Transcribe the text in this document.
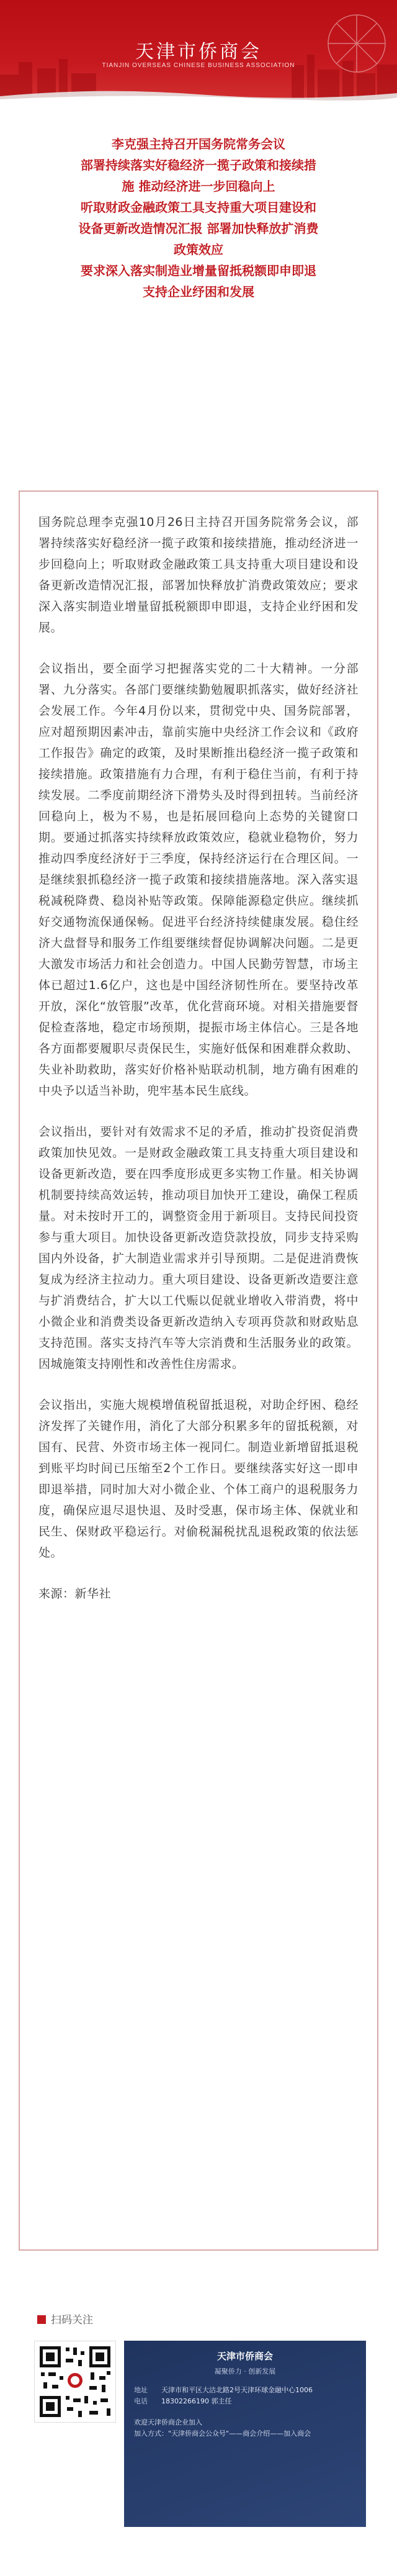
天津市侨商会
TIANJIN OVERSEAS CHINESE BUSINESS ASSOCIATION
李克强主持召开国务院常务会议
部署持续落实好稳经济一揽子政策和接续措
施 推动经济进一步回稳向上
听取财政金融政策工具支持重大项目建设和
设备更新改造情况汇报 部署加快释放扩消费
政策效应
要求深入落实制造业增量留抵税额即申即退
支持企业纾困和发展

国务院总理李克强10月26日主持召开国务院常务会议，部署持续落实好稳经济一揽子政策和接续措施，推动经济进一步回稳向上；听取财政金融政策工具支持重大项目建设和设备更新改造情况汇报，部署加快释放扩消费政策效应；要求深入落实制造业增量留抵税额即申即退，支持企业纾困和发展。

会议指出，要全面学习把握落实党的二十大精神。一分部署、九分落实。各部门要继续勤勉履职抓落实，做好经济社会发展工作。今年4月份以来，贯彻党中央、国务院部署，应对超预期因素冲击，靠前实施中央经济工作会议和《政府工作报告》确定的政策，及时果断推出稳经济一揽子政策和接续措施。政策措施有力合理，有利于稳住当前，有利于持续发展。二季度前期经济下滑势头及时得到扭转。当前经济回稳向上，极为不易，也是拓展回稳向上态势的关键窗口期。要通过抓落实持续释放政策效应，稳就业稳物价，努力推动四季度经济好于三季度，保持经济运行在合理区间。一是继续狠抓稳经济一揽子政策和接续措施落地。深入落实退税减税降费、稳岗补贴等政策。保障能源稳定供应。继续抓好交通物流保通保畅。促进平台经济持续健康发展。稳住经济大盘督导和服务工作组要继续督促协调解决问题。二是更大激发市场活力和社会创造力。中国人民勤劳智慧，市场主体已超过1.6亿户，这也是中国经济韧性所在。要坚持改革开放，深化“放管服”改革，优化营商环境。对相关措施要督促检查落地，稳定市场预期，提振市场主体信心。三是各地各方面都要履职尽责保民生，实施好低保和困难群众救助、失业补助救助，落实好价格补贴联动机制，地方确有困难的中央予以适当补助，兜牢基本民生底线。

会议指出，要针对有效需求不足的矛盾，推动扩投资促消费政策加快见效。一是财政金融政策工具支持重大项目建设和设备更新改造，要在四季度形成更多实物工作量。相关协调机制要持续高效运转，推动项目加快开工建设，确保工程质量。对未按时开工的，调整资金用于新项目。支持民间投资参与重大项目。加快设备更新改造贷款投放，同步支持采购国内外设备，扩大制造业需求并引导预期。二是促进消费恢复成为经济主拉动力。重大项目建设、设备更新改造要注意与扩消费结合，扩大以工代赈以促就业增收入带消费，将中小微企业和消费类设备更新改造纳入专项再贷款和财政贴息支持范围。落实支持汽车等大宗消费和生活服务业的政策。因城施策支持刚性和改善性住房需求。

会议指出，实施大规模增值税留抵退税，对助企纾困、稳经济发挥了关键作用，消化了大部分积累多年的留抵税额，对国有、民营、外资市场主体一视同仁。制造业新增留抵退税到账平均时间已压缩至2个工作日。要继续落实好这一即申即退举措，同时加大对小微企业、个体工商户的退税服务力度，确保应退尽退快退、及时受惠，保市场主体、保就业和民生、保财政平稳运行。对偷税漏税扰乱退税政策的依法惩处。

来源：新华社

扫码关注
天津市侨商会
凝聚侨力 · 创新发展
地址	天津市和平区大沽北路2号天津环球金融中心1006
电话	18302266190 郭主任
欢迎天津侨商企业加入
加入方式："天津侨商会公众号"——商会介绍——加入商会
